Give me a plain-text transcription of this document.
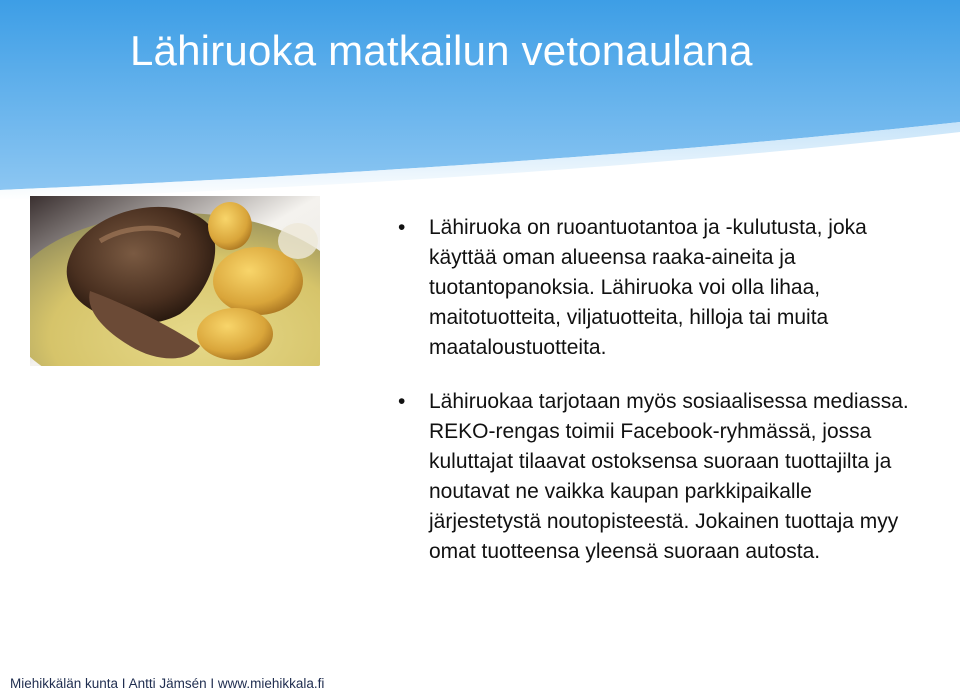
Lähiruoka matkailun vetonaulana
• Lähiruoka on ruoantuotantoa ja -kulutusta, joka käyttää oman alueensa raaka-aineita ja tuotantopanoksia. Lähiruoka voi olla lihaa, maitotuotteita, viljatuotteita, hilloja tai muita maataloustuotteita.
• Lähiruokaa tarjotaan myös sosiaalisessa mediassa. REKO-rengas toimii Facebook-ryhmässä, jossa kuluttajat tilaavat ostoksensa suoraan tuottajilta ja noutavat ne vaikka kaupan parkkipaikalle järjestetystä noutopisteestä. Jokainen tuottaja myy omat tuotteensa yleensä suoraan autosta.
Miehikkälän kunta I Antti Jämsén I www.miehikkala.fi
